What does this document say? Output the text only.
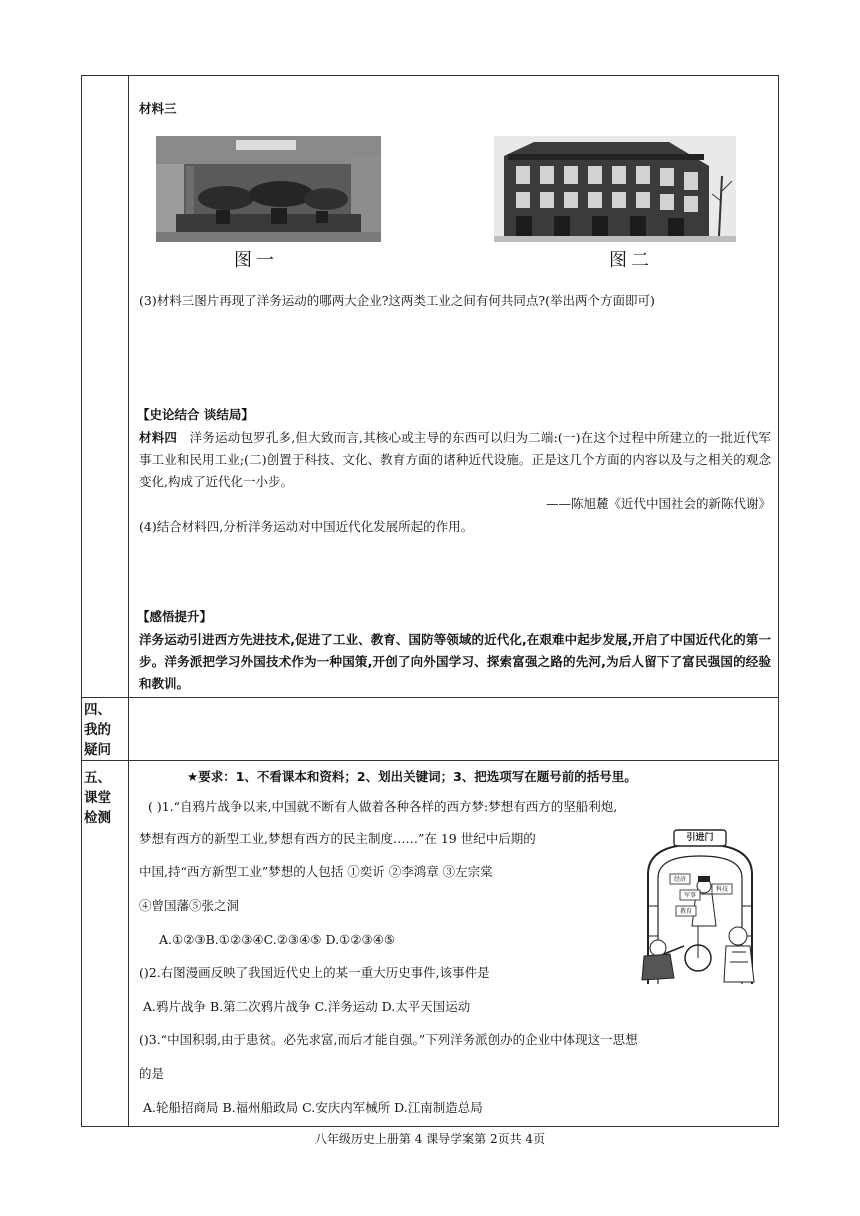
材料三
图一	图二
(3)材料三图片再现了洋务运动的哪两大企业?这两类工业之间有何共同点?(举出两个方面即可)
【史论结合 谈结局】
材料四 洋务运动包罗孔多,但大致而言,其核心或主导的东西可以归为二端:(一)在这个过程中所建立的一批近代军事工业和民用工业;(二)创置于科技、文化、教育方面的诸种近代设施。正是这几个方面的内容以及与之相关的观念变化,构成了近代化一小步。
——陈旭麓《近代中国社会的新陈代谢》
(4)结合材料四,分析洋务运动对中国近代化发展所起的作用。
【感悟提升】
洋务运动引进西方先进技术,促进了工业、教育、国防等领域的近代化,在艰难中起步发展,开启了中国近代化的第一步。洋务派把学习外国技术作为一种国策,开创了向外国学习、探索富强之路的先河,为后人留下了富民强国的经验和教训。
四、
我的
疑问
五、
课堂
检测
★要求：1、不看课本和资料；2、划出关键词；3、把选项写在题号前的括号里。
( )1.“自鸦片战争以来,中国就不断有人做着各种各样的西方梦:梦想有西方的坚船利炮,
梦想有西方的新型工业,梦想有西方的民主制度……”在 19 世纪中后期的
中国,持“西方新型工业”梦想的人包括 ①奕䜣 ②李鸿章 ③左宗棠
④曾国藩⑤张之洞
A.①②③B.①②③④C.②③④⑤ D.①②③④⑤
()2.右图漫画反映了我国近代史上的某一重大历史事件,该事件是
A.鸦片战争 B.第二次鸦片战争 C.洋务运动 D.太平天国运动
()3.“中国积弱,由于患贫。必先求富,而后才能自强。”下列洋务派创办的企业中体现这一思想
的是
A.轮船招商局 B.福州船政局 C.安庆内军械所 D.江南制造总局
引进门
经济
军事
科技
教育
八年级历史上册第 4 课导学案第 2页共 4页
